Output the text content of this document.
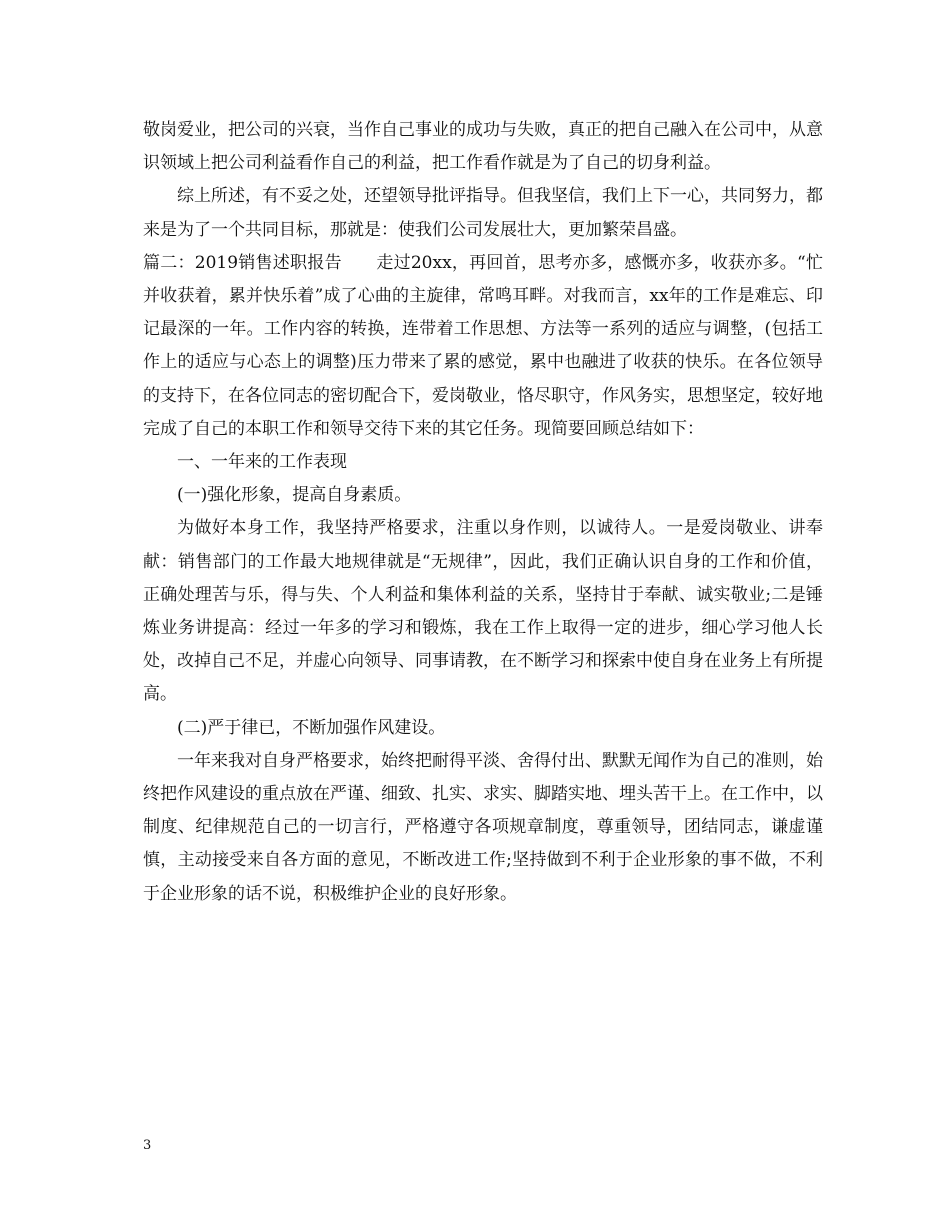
敬岗爱业，把公司的兴衰，当作自己事业的成功与失败，真正的把自己融入在公司中，从意识领域上把公司利益看作自己的利益，把工作看作就是为了自己的切身利益。

综上所述，有不妥之处，还望领导批评指导。但我坚信，我们上下一心，共同努力，都来是为了一个共同目标，那就是：使我们公司发展壮大，更加繁荣昌盛。

篇二：2019销售述职报告　　走过20xx，再回首，思考亦多，感慨亦多，收获亦多。“忙并收获着，累并快乐着”成了心曲的主旋律，常鸣耳畔。对我而言，xx年的工作是难忘、印记最深的一年。工作内容的转换，连带着工作思想、方法等一系列的适应与调整，(包括工作上的适应与心态上的调整)压力带来了累的感觉，累中也融进了收获的快乐。在各位领导的支持下，在各位同志的密切配合下，爱岗敬业，恪尽职守，作风务实，思想坚定，较好地完成了自己的本职工作和领导交待下来的其它任务。现简要回顾总结如下：

一、一年来的工作表现

(一)强化形象，提高自身素质。

为做好本身工作，我坚持严格要求，注重以身作则，以诚待人。一是爱岗敬业、讲奉献：销售部门的工作最大地规律就是“无规律”，因此，我们正确认识自身的工作和价值，正确处理苦与乐，得与失、个人利益和集体利益的关系，坚持甘于奉献、诚实敬业;二是锤炼业务讲提高：经过一年多的学习和锻炼，我在工作上取得一定的进步，细心学习他人长处，改掉自己不足，并虚心向领导、同事请教，在不断学习和探索中使自身在业务上有所提高。

(二)严于律已，不断加强作风建设。

一年来我对自身严格要求，始终把耐得平淡、舍得付出、默默无闻作为自己的准则，始终把作风建设的重点放在严谨、细致、扎实、求实、脚踏实地、埋头苦干上。在工作中，以制度、纪律规范自己的一切言行，严格遵守各项规章制度，尊重领导，团结同志，谦虚谨慎，主动接受来自各方面的意见，不断改进工作;坚持做到不利于企业形象的事不做，不利于企业形象的话不说，积极维护企业的良好形象。

3
